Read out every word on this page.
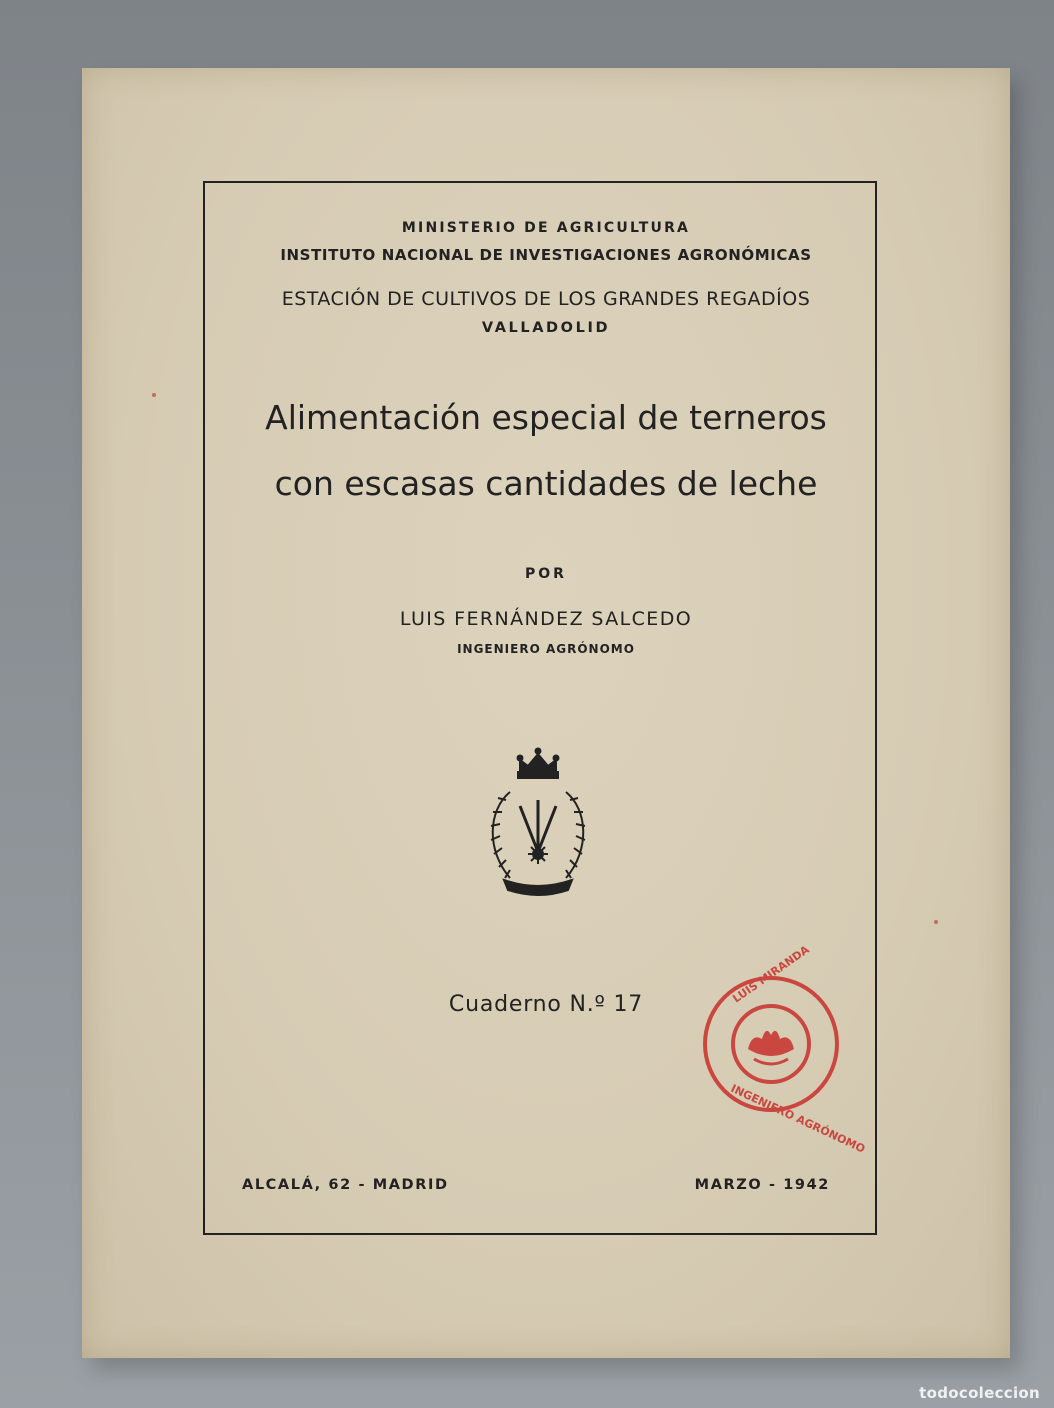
MINISTERIO DE AGRICULTURA
INSTITUTO NACIONAL DE INVESTIGACIONES AGRONÓMICAS
ESTACIÓN DE CULTIVOS DE LOS GRANDES REGADÍOS
VALLADOLID
Alimentación especial de terneros
con escasas cantidades de leche
POR
LUIS FERNÁNDEZ SALCEDO
INGENIERO AGRÓNOMO
Cuaderno N.º 17	LUIS MIRANDA
INGENIERO AGRÓNOMO
ALCALÁ, 62 - MADRID	MARZO - 1942
todocoleccion
